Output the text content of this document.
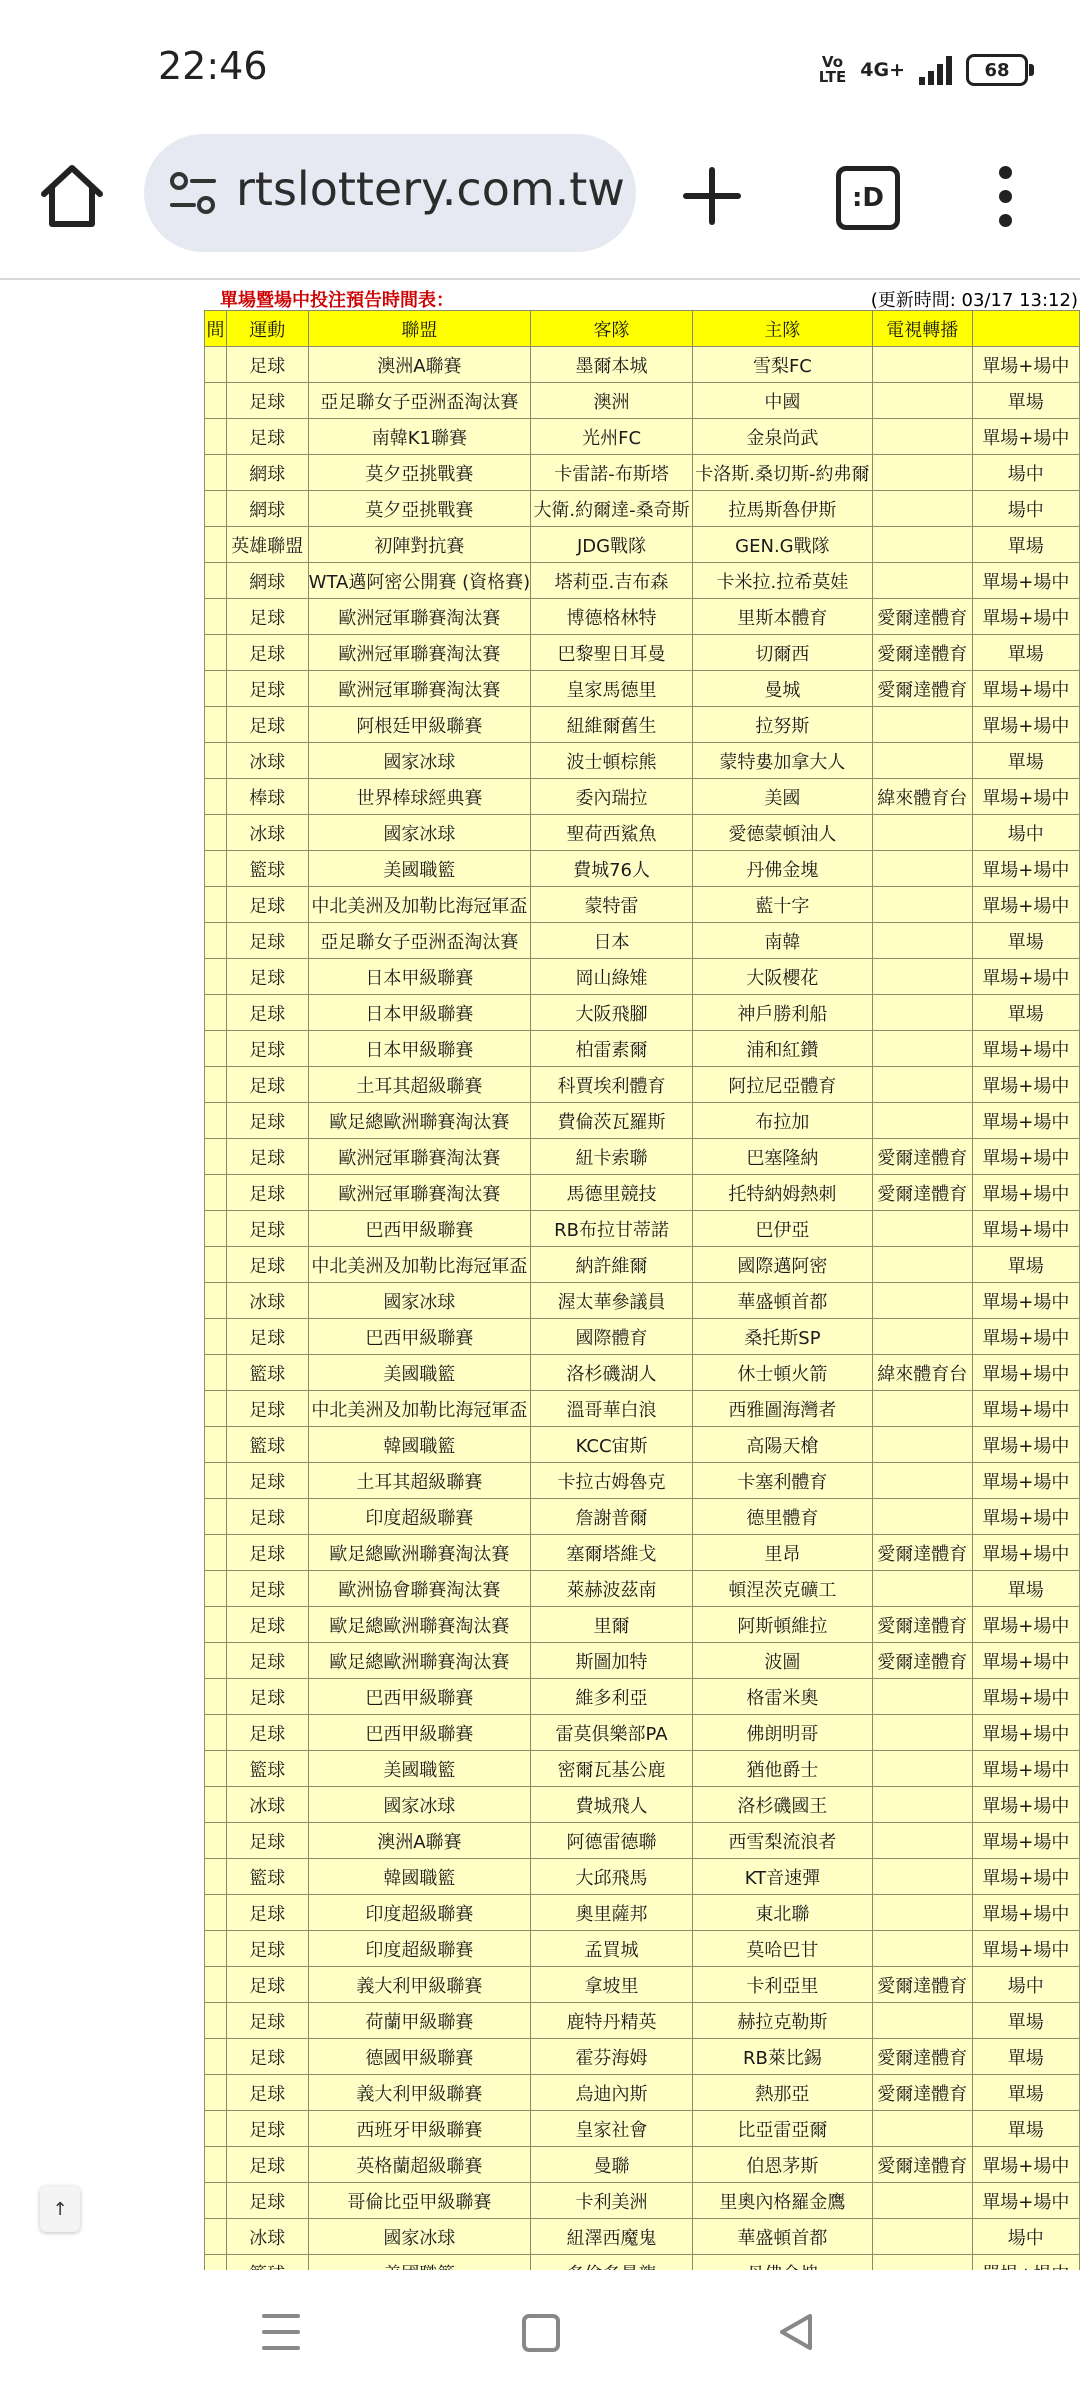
22:46	Vo
LTE 4G+	68
rtslottery.com.tw	:D
單場暨場中投注預告時間表：	(更新時間: 03/17 13:12)
間	運動	聯盟	客隊	主隊	電視轉播	
	足球	澳洲A聯賽	墨爾本城	雪梨FC		單場+場中
	足球	亞足聯女子亞洲盃淘汰賽	澳洲	中國		單場
	足球	南韓K1聯賽	光州FC	金泉尚武		單場+場中
	網球	莫夕亞挑戰賽	卡雷諾-布斯塔	卡洛斯.桑切斯-約弗爾		場中
	網球	莫夕亞挑戰賽	大衛.約爾達-桑奇斯	拉馬斯魯伊斯		場中
	英雄聯盟	初陣對抗賽	JDG戰隊	GEN.G戰隊		單場
	網球	WTA邁阿密公開賽 (資格賽)	塔莉亞.吉布森	卡米拉.拉希莫娃		單場+場中
	足球	歐洲冠軍聯賽淘汰賽	博德格林特	里斯本體育	愛爾達體育	單場+場中
	足球	歐洲冠軍聯賽淘汰賽	巴黎聖日耳曼	切爾西	愛爾達體育	單場
	足球	歐洲冠軍聯賽淘汰賽	皇家馬德里	曼城	愛爾達體育	單場+場中
	足球	阿根廷甲級聯賽	紐維爾舊生	拉努斯		單場+場中
	冰球	國家冰球	波士頓棕熊	蒙特婁加拿大人		單場
	棒球	世界棒球經典賽	委內瑞拉	美國	緯來體育台	單場+場中
	冰球	國家冰球	聖荷西鯊魚	愛德蒙頓油人		場中
	籃球	美國職籃	費城76人	丹佛金塊		單場+場中
	足球	中北美洲及加勒比海冠軍盃	蒙特雷	藍十字		單場+場中
	足球	亞足聯女子亞洲盃淘汰賽	日本	南韓		單場
	足球	日本甲級聯賽	岡山綠雉	大阪櫻花		單場+場中
	足球	日本甲級聯賽	大阪飛腳	神戶勝利船		單場
	足球	日本甲級聯賽	柏雷素爾	浦和紅鑽		單場+場中
	足球	土耳其超級聯賽	科賈埃利體育	阿拉尼亞體育		單場+場中
	足球	歐足總歐洲聯賽淘汰賽	費倫茨瓦羅斯	布拉加		單場+場中
	足球	歐洲冠軍聯賽淘汰賽	紐卡索聯	巴塞隆納	愛爾達體育	單場+場中
	足球	歐洲冠軍聯賽淘汰賽	馬德里競技	托特納姆熱刺	愛爾達體育	單場+場中
	足球	巴西甲級聯賽	RB布拉甘蒂諾	巴伊亞		單場+場中
	足球	中北美洲及加勒比海冠軍盃	納許維爾	國際邁阿密		單場
	冰球	國家冰球	渥太華參議員	華盛頓首都		單場+場中
	足球	巴西甲級聯賽	國際體育	桑托斯SP		單場+場中
	籃球	美國職籃	洛杉磯湖人	休士頓火箭	緯來體育台	單場+場中
	足球	中北美洲及加勒比海冠軍盃	溫哥華白浪	西雅圖海灣者		單場+場中
	籃球	韓國職籃	KCC宙斯	高陽天槍		單場+場中
	足球	土耳其超級聯賽	卡拉古姆魯克	卡塞利體育		單場+場中
	足球	印度超級聯賽	詹謝普爾	德里體育		單場+場中
	足球	歐足總歐洲聯賽淘汰賽	塞爾塔維戈	里昂	愛爾達體育	單場+場中
	足球	歐洲協會聯賽淘汰賽	萊赫波茲南	頓涅茨克礦工		單場
	足球	歐足總歐洲聯賽淘汰賽	里爾	阿斯頓維拉	愛爾達體育	單場+場中
	足球	歐足總歐洲聯賽淘汰賽	斯圖加特	波圖	愛爾達體育	單場+場中
	足球	巴西甲級聯賽	維多利亞	格雷米奧		單場+場中
	足球	巴西甲級聯賽	雷莫俱樂部PA	佛朗明哥		單場+場中
	籃球	美國職籃	密爾瓦基公鹿	猶他爵士		單場+場中
	冰球	國家冰球	費城飛人	洛杉磯國王		單場+場中
	足球	澳洲A聯賽	阿德雷德聯	西雪梨流浪者		單場+場中
	籃球	韓國職籃	大邱飛馬	KT音速彈		單場+場中
	足球	印度超級聯賽	奧里薩邦	東北聯		單場+場中
	足球	印度超級聯賽	孟買城	莫哈巴甘		單場+場中
	足球	義大利甲級聯賽	拿坡里	卡利亞里	愛爾達體育	場中
	足球	荷蘭甲級聯賽	鹿特丹精英	赫拉克勒斯		單場
	足球	德國甲級聯賽	霍芬海姆	RB萊比錫	愛爾達體育	單場
	足球	義大利甲級聯賽	烏迪內斯	熱那亞	愛爾達體育	單場
	足球	西班牙甲級聯賽	皇家社會	比亞雷亞爾		單場
	足球	英格蘭超級聯賽	曼聯	伯恩茅斯	愛爾達體育	單場+場中
	足球	哥倫比亞甲級聯賽	卡利美洲	里奧內格羅金鷹		單場+場中
	冰球	國家冰球	紐澤西魔鬼	華盛頓首都		場中

↑
